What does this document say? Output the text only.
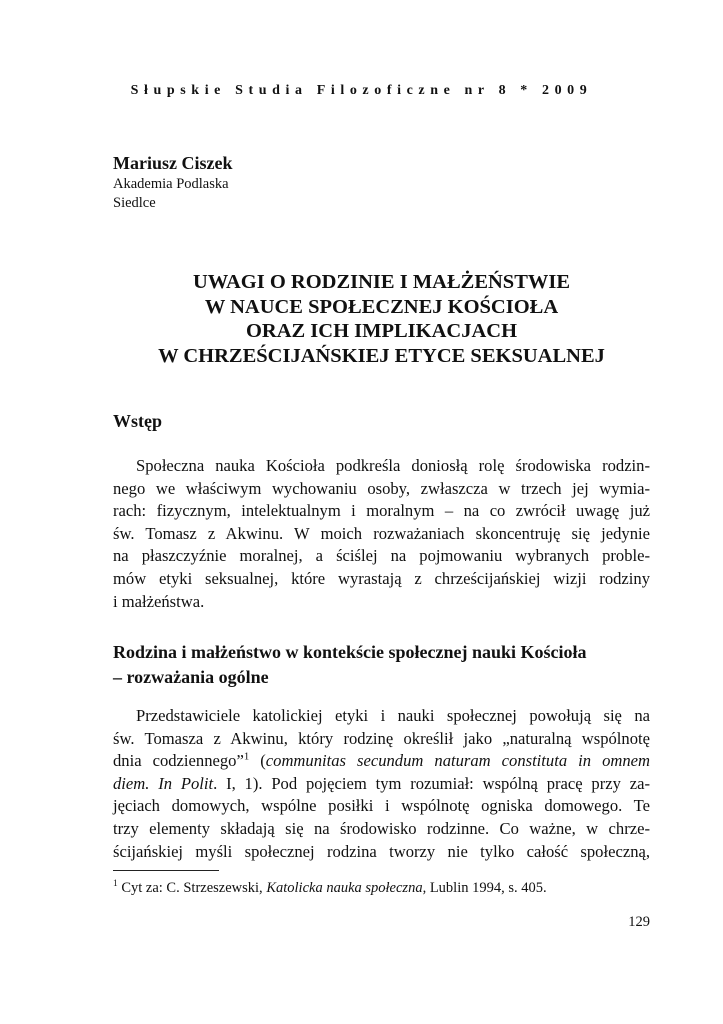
Słupskie Studia Filozoficzne nr 8 * 2009
Mariusz Ciszek
Akademia Podlaska
Siedlce
UWAGI O RODZINIE I MAŁŻEŃSTWIE
W NAUCE SPOŁECZNEJ KOŚCIOŁA
ORAZ ICH IMPLIKACJACH
W CHRZEŚCIJAŃSKIEJ ETYCE SEKSUALNEJ
Wstęp
Społeczna nauka Kościoła podkreśla doniosłą rolę środowiska rodzin-
nego we właściwym wychowaniu osoby, zwłaszcza w trzech jej wymia-
rach: fizycznym, intelektualnym i moralnym – na co zwrócił uwagę już
św. Tomasz z Akwinu. W moich rozważaniach skoncentruję się jedynie
na płaszczyźnie moralnej, a ściślej na pojmowaniu wybranych proble-
mów etyki seksualnej, które wyrastają z chrześcijańskiej wizji rodziny
i małżeństwa.
Rodzina i małżeństwo w kontekście społecznej nauki Kościoła
– rozważania ogólne
Przedstawiciele katolickiej etyki i nauki społecznej powołują się na
św. Tomasza z Akwinu, który rodzinę określił jako „naturalną wspólnotę
dnia codziennego”$^1$ (communitas secundum naturam constituta in omnem
diem. In Polit. I, 1). Pod pojęciem tym rozumiał: wspólną pracę przy za-
jęciach domowych, wspólne posiłki i wspólnotę ogniska domowego. Te
trzy elementy składają się na środowisko rodzinne. Co ważne, w chrze-
ścijańskiej myśli społecznej rodzina tworzy nie tylko całość społeczną,
$^1$ Cyt za: C. Strzeszewski, Katolicka nauka społeczna, Lublin 1994, s. 405.
129
